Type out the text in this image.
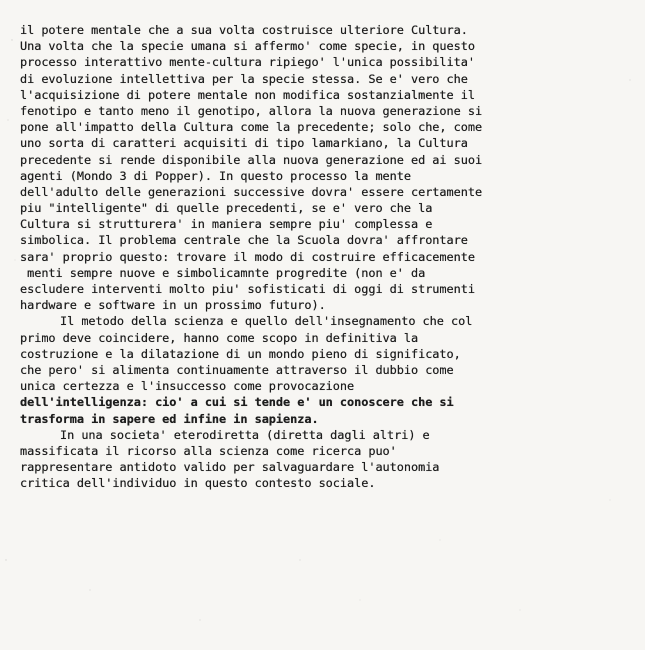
il potere mentale che a sua volta costruisce ulteriore Cultura.
Una volta che la specie umana si affermo' come specie, in questo
processo interattivo mente-cultura ripiego' l'unica possibilita'
di evoluzione intellettiva per la specie stessa. Se e' vero che
l'acquisizione di potere mentale non modifica sostanzialmente il
fenotipo e tanto meno il genotipo, allora la nuova generazione si
pone all'impatto della Cultura come la precedente; solo che, come
uno sorta di caratteri acquisiti di tipo lamarkiano, la Cultura
precedente si rende disponibile alla nuova generazione ed ai suoi
agenti (Mondo 3 di Popper). In questo processo la mente
dell'adulto delle generazioni successive dovra' essere certamente
piu "intelligente" di quelle precedenti, se e' vero che la
Cultura si strutturera' in maniera sempre piu' complessa e
simbolica. Il problema centrale che la Scuola dovra' affrontare
sara' proprio questo: trovare il modo di costruire efficacemente
menti sempre nuove e simbolicamnte progredite (non e' da
escludere interventi molto piu' sofisticati di oggi di strumenti
hardware e software in un prossimo futuro).
Il metodo della scienza e quello dell'insegnamento che col
primo deve coincidere, hanno come scopo in definitiva la
costruzione e la dilatazione di un mondo pieno di significato,
che pero' si alimenta continuamente attraverso il dubbio come
unica certezza e l'insuccesso come provocazione
dell'intelligenza: cio' a cui si tende e' un conoscere che si
trasforma in sapere ed infine in sapienza.
In una societa' eterodiretta (diretta dagli altri) e
massificata il ricorso alla scienza come ricerca puo'
rappresentare antidoto valido per salvaguardare l'autonomia
critica dell'individuo in questo contesto sociale.
